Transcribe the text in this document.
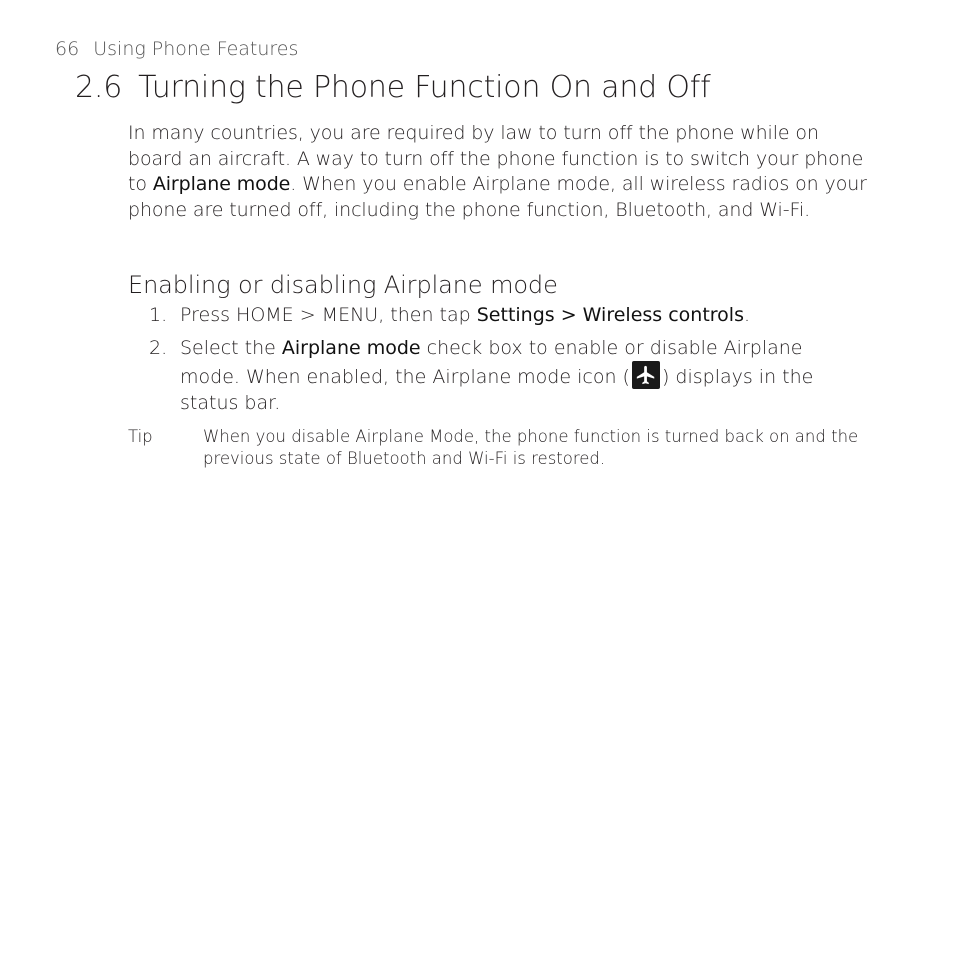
66 Using Phone Features
2.6 Turning the Phone Function On and Off

In many countries, you are required by law to turn off the phone while on board an aircraft. A way to turn off the phone function is to switch your phone to Airplane mode. When you enable Airplane mode, all wireless radios on your phone are turned off, including the phone function, Bluetooth, and Wi-Fi.

Enabling or disabling Airplane mode
1. Press HOME > MENU, then tap Settings > Wireless controls.
2. Select the Airplane mode check box to enable or disable Airplane mode. When enabled, the Airplane mode icon ( ) displays in the status bar.
Tip	When you disable Airplane Mode, the phone function is turned back on and the previous state of Bluetooth and Wi-Fi is restored.
